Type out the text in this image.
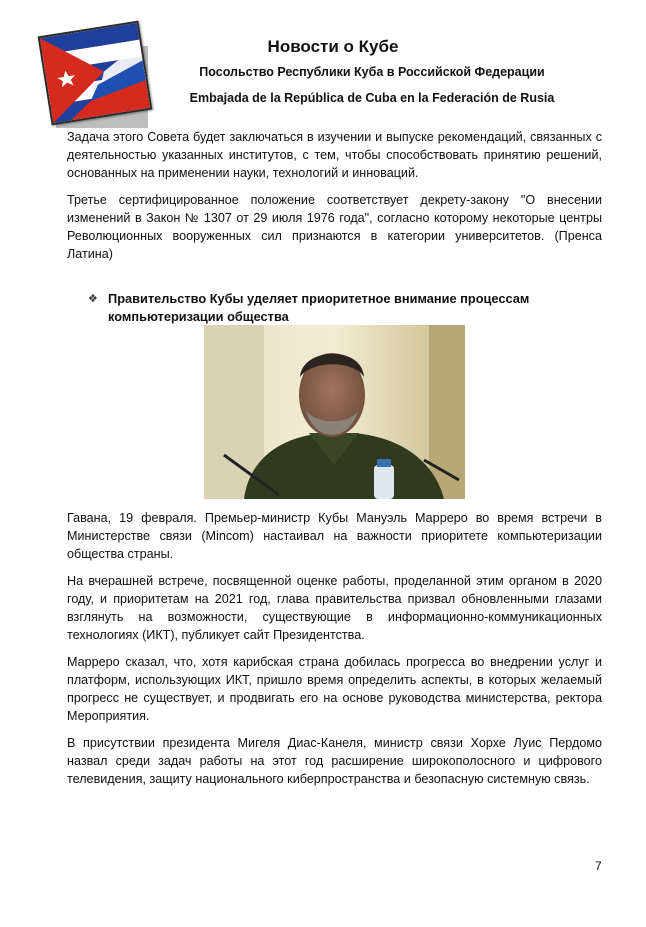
Новости о Кубе

Посольство Республики Куба в Российской Федерации

Embajada de la República de Cuba en la Federación de Rusia

Задача этого Совета будет заключаться в изучении и выпуске рекомендаций, связанных с деятельностью указанных институтов, с тем, чтобы способствовать принятию решений, основанных на применении науки, технологий и инноваций.

Третье сертифицированное положение соответствует декрету-закону "О внесении изменений в Закон № 1307 от 29 июля 1976 года", согласно которому некоторые центры Революционных вооруженных сил признаются в категории университетов. (Пренса Латина)

❖ Правительство Кубы уделяет приоритетное внимание процессам компьютеризации общества

Гавана, 19 февраля. Премьер-министр Кубы Мануэль Марреро во время встречи в Министерстве связи (Mincom) настаивал на важности приоритете компьютеризации общества страны.

На вчерашней встрече, посвященной оценке работы, проделанной этим органом в 2020 году, и приоритетам на 2021 год, глава правительства призвал обновленными глазами взглянуть на возможности, существующие в информационно-коммуникационных технологиях (ИКТ), публикует сайт Президентства.

Марреро сказал, что, хотя карибская страна добилась прогресса во внедрении услуг и платформ, использующих ИКТ, пришло время определить аспекты, в которых желаемый прогресс не существует, и продвигать его на основе руководства министерства, ректора Мероприятия.

В присутствии президента Мигеля Диас-Канеля, министр связи Хорхе Луис Пердомо назвал среди задач работы на этот год расширение широкополосного и цифрового телевидения, защиту национального киберпространства и безопасную системную связь.

7
